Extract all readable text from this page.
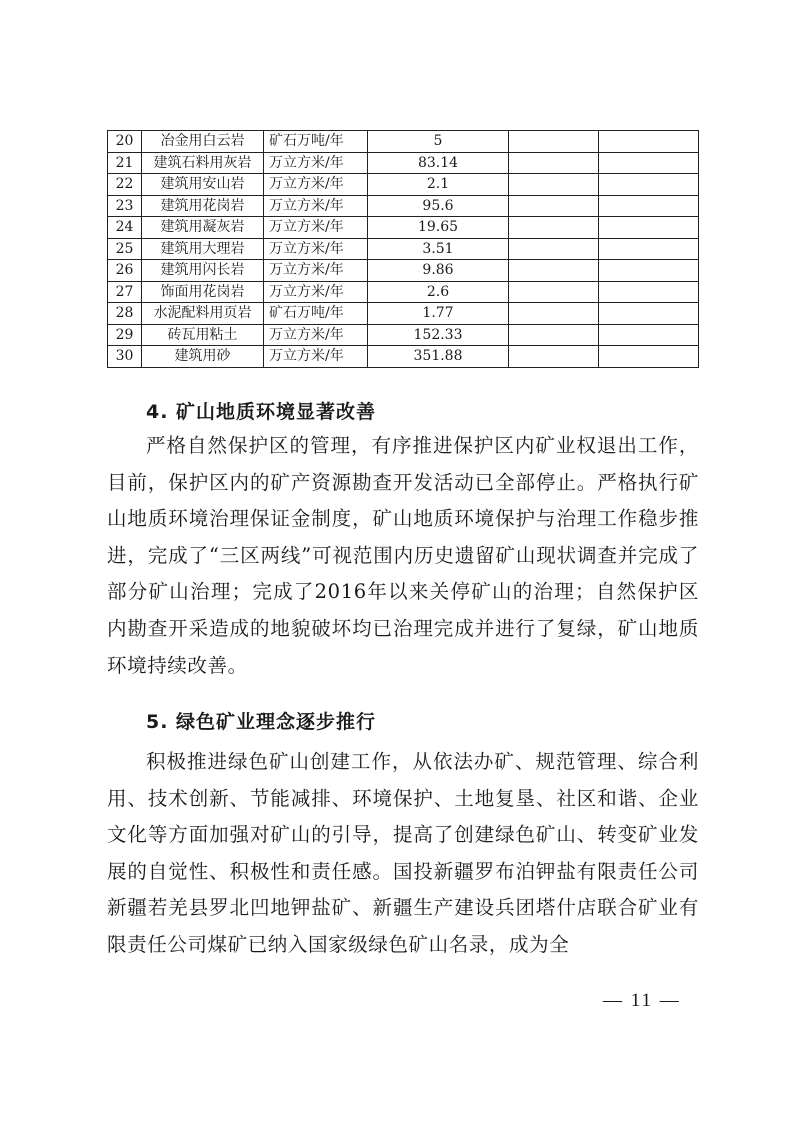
20	冶金用白云岩	矿石万吨/年	5		
21	建筑石料用灰岩	万立方米/年	83.14		
22	建筑用安山岩	万立方米/年	2.1		
23	建筑用花岗岩	万立方米/年	95.6		
24	建筑用凝灰岩	万立方米/年	19.65		
25	建筑用大理岩	万立方米/年	3.51		
26	建筑用闪长岩	万立方米/年	9.86		
27	饰面用花岗岩	万立方米/年	2.6		
28	水泥配料用页岩	矿石万吨/年	1.77		
29	砖瓦用粘土	万立方米/年	152.33		
30	建筑用砂	万立方米/年	351.88		
4. 矿山地质环境显著改善

严格自然保护区的管理，有序推进保护区内矿业权退出工作，目前，保护区内的矿产资源勘查开发活动已全部停止。严格执行矿山地质环境治理保证金制度，矿山地质环境保护与治理工作稳步推进，完成了“三区两线”可视范围内历史遗留矿山现状调查并完成了部分矿山治理；完成了2016年以来关停矿山的治理；自然保护区内勘查开采造成的地貌破坏均已治理完成并进行了复绿，矿山地质环境持续改善。

5. 绿色矿业理念逐步推行

积极推进绿色矿山创建工作，从依法办矿、规范管理、综合利用、技术创新、节能减排、环境保护、土地复垦、社区和谐、企业文化等方面加强对矿山的引导，提高了创建绿色矿山、转变矿业发展的自觉性、积极性和责任感。国投新疆罗布泊钾盐有限责任公司新疆若羌县罗北凹地钾盐矿、新疆生产建设兵团塔什店联合矿业有限责任公司煤矿已纳入国家级绿色矿山名录，成为全

— 11 —
